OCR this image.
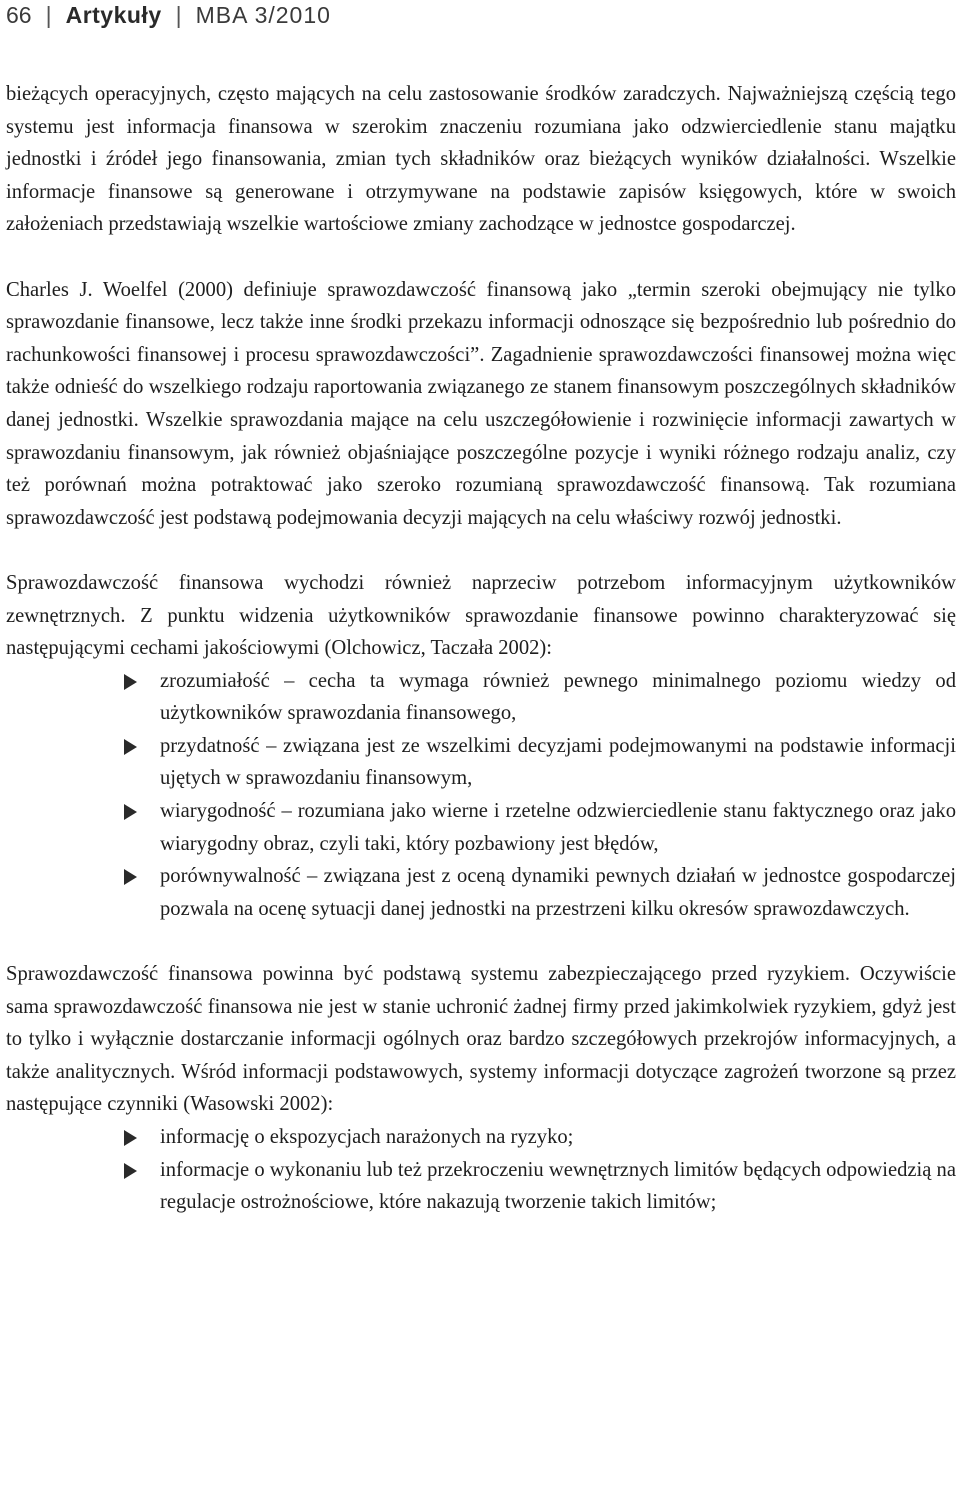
66 | Artykuły | MBA 3/2010

bieżących operacyjnych, często mających na celu zastosowanie środków zaradczych. Najważniejszą częścią tego systemu jest informacja finansowa w szerokim znaczeniu rozumiana jako odzwierciedlenie stanu majątku jednostki i źródeł jego finansowania, zmian tych składników oraz bieżących wyników działalności. Wszelkie informacje finansowe są generowane i otrzymywane na podstawie zapisów księgowych, które w swoich założeniach przedstawiają wszelkie wartościowe zmiany zachodzące w jednostce gospodarczej.

Charles J. Woelfel (2000) definiuje sprawozdawczość finansową jako „termin szeroki obejmujący nie tylko sprawozdanie finansowe, lecz także inne środki przekazu informacji odnoszące się bezpośrednio lub pośrednio do rachunkowości finansowej i procesu sprawozdawczości”. Zagadnienie sprawozdawczości finansowej można więc także odnieść do wszelkiego rodzaju raportowania związanego ze stanem finansowym poszczególnych składników danej jednostki. Wszelkie sprawozdania mające na celu uszczegółowienie i rozwinięcie informacji zawartych w sprawozdaniu finansowym, jak również objaśniające poszczególne pozycje i wyniki różnego rodzaju analiz, czy też porównań można potraktować jako szeroko rozumianą sprawozdawczość finansową. Tak rozumiana sprawozdawczość jest podstawą podejmowania decyzji mających na celu właściwy rozwój jednostki.

Sprawozdawczość finansowa wychodzi również naprzeciw potrzebom informacyjnym użytkowników zewnętrznych. Z punktu widzenia użytkowników sprawozdanie finansowe powinno charakteryzować się następującymi cechami jakościowymi (Olchowicz, Taczała 2002):

zrozumiałość – cecha ta wymaga również pewnego minimalnego poziomu wiedzy od użytkowników sprawozdania finansowego,
przydatność – związana jest ze wszelkimi decyzjami podejmowanymi na podstawie informacji ujętych w sprawozdaniu finansowym,
wiarygodność – rozumiana jako wierne i rzetelne odzwierciedlenie stanu faktycznego oraz jako wiarygodny obraz, czyli taki, który pozbawiony jest błędów,
porównywalność – związana jest z oceną dynamiki pewnych działań w jednostce gospodarczej pozwala na ocenę sytuacji danej jednostki na przestrzeni kilku okresów sprawozdawczych.

Sprawozdawczość finansowa powinna być podstawą systemu zabezpieczającego przed ryzykiem. Oczywiście sama sprawozdawczość finansowa nie jest w stanie uchronić żadnej firmy przed jakimkolwiek ryzykiem, gdyż jest to tylko i wyłącznie dostarczanie informacji ogólnych oraz bardzo szczegółowych przekrojów informacyjnych, a także analitycznych. Wśród informacji podstawowych, systemy informacji dotyczące zagrożeń tworzone są przez następujące czynniki (Wasowski 2002):

informację o ekspozycjach narażonych na ryzyko;
informacje o wykonaniu lub też przekroczeniu wewnętrznych limitów będących odpowiedzią na regulacje ostrożnościowe, które nakazują tworzenie takich limitów;
